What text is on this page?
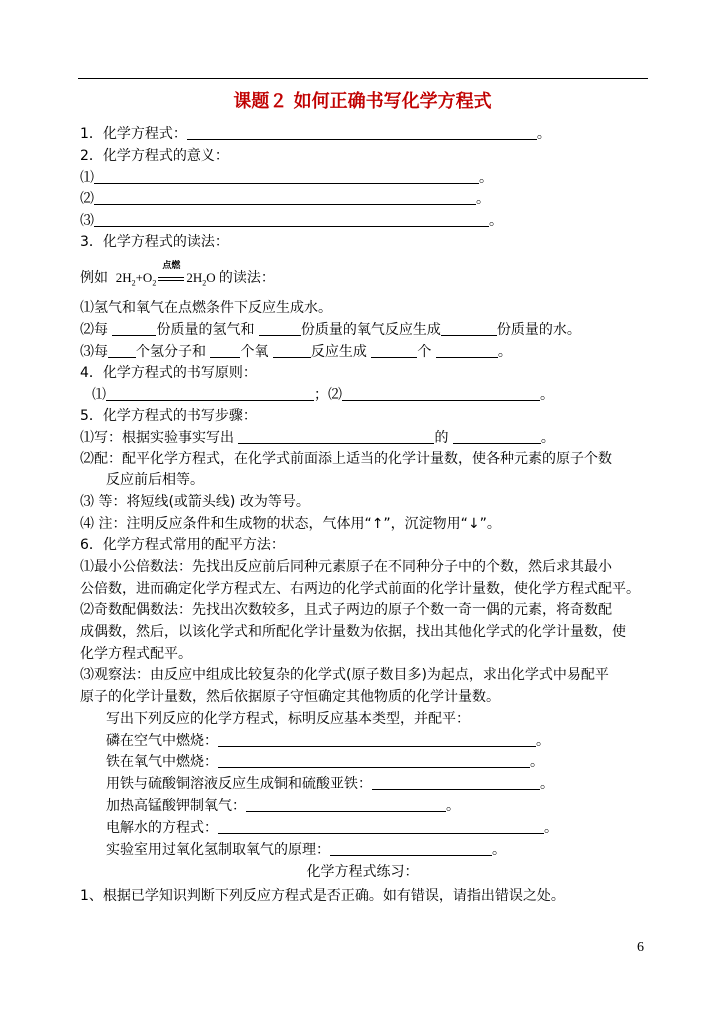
课题２ 如何正确书写化学方程式
1．化学方程式：	。
2．化学方程式的意义：
⑴	。
⑵	。
⑶	。
3．化学方程式的读法：
例如 $2H_2+O_2$
点燃
$2H_2O$ 的读法：
⑴氢气和氧气在点燃条件下反应生成水。
⑵每	份质量的氢气和	份质量的氧气反应生成	份质量的水。
⑶每 个氢分子和 个氧	反应生成	个	。
4．化学方程式的书写原则：
⑴	；⑵	。
5．化学方程式的书写步骤：
⑴写：根据实验事实写出	的	。
⑵配：配平化学方程式，在化学式前面添上适当的化学计量数，使各种元素的原子个数
反应前后相等。
⑶ 等：将短线(或箭头线) 改为等号。
⑷ 注：注明反应条件和生成物的状态，气体用“↑”，沉淀物用“↓”。
6．化学方程式常用的配平方法：
⑴最小公倍数法：先找出反应前后同种元素原子在不同种分子中的个数，然后求其最小
公倍数，进而确定化学方程式左、右两边的化学式前面的化学计量数，使化学方程式配平。
⑵奇数配偶数法：先找出次数较多，且式子两边的原子个数一奇一偶的元素，将奇数配
成偶数，然后，以该化学式和所配化学计量数为依据，找出其他化学式的化学计量数，使
化学方程式配平。
⑶观察法：由反应中组成比较复杂的化学式(原子数目多)为起点，求出化学式中易配平
原子的化学计量数，然后依据原子守恒确定其他物质的化学计量数。
写出下列反应的化学方程式，标明反应基本类型，并配平：
磷在空气中燃烧：	。
铁在氧气中燃烧：	。
用铁与硫酸铜溶液反应生成铜和硫酸亚铁：	。
加热高锰酸钾制氧气：	。
电解水的方程式：	。
实验室用过氧化氢制取氧气的原理：	。
化学方程式练习：
1、根据已学知识判断下列反应方程式是否正确。如有错误，请指出错误之处。
6
